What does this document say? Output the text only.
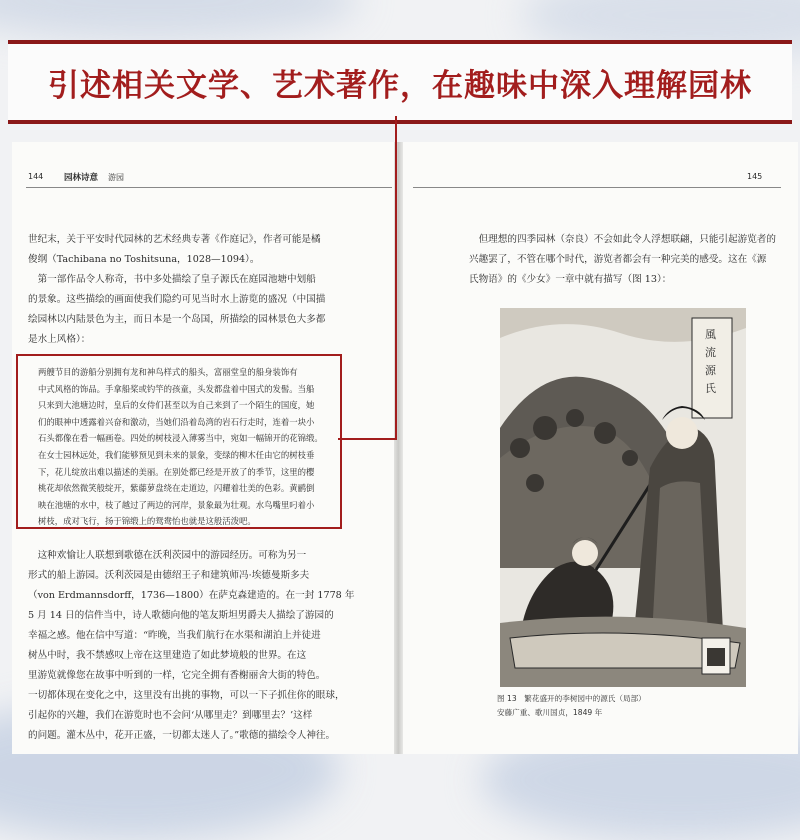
引述相关文学、艺术著作，在趣味中深入理解园林
144 园林诗意 游园
世纪末，关于平安时代园林的艺术经典专著《作庭记》，作者可能是橘
俊纲（Tachibana no Toshitsuna，1028—1094）。
　第一部作品令人称奇，书中多处描绘了皇子源氏在庭园池塘中划船
的景象。这些描绘的画面使我们隐约可见当时水上游览的盛况（中国描
绘园林以内陆景色为主，而日本是一个岛国，所描绘的园林景色大多都
是水上风格）：
两艘节目的游船分别拥有龙和神鸟样式的船头，富丽堂皇的船身装饰有
中式风格的饰品。手拿船桨或钓竿的孩童，头发都盘着中国式的发髻。当船
只来到大池塘边时，皇后的女侍们甚至以为自己来到了一个陌生的国度，她
们的眼神中透露着兴奋和激动，当她们沿着岛湾的岩石行走时，连着一块小
石头都像在看一幅画卷。四处的树枝浸入薄雾当中，宛如一幅锦开的花锦缎。
在女士园林远处，我们能够预见到未来的景象，变绿的柳木任由它的树枝垂
下，花儿绽放出难以描述的美丽。在别处都已经是开放了的季节，这里的樱
桃花却依然微笑般绽开，紫藤萝盘绕在走道边，闪耀着壮美的色彩。黄鹂倒
映在池塘的水中，枝了越过了两边的河岸，景象最为壮观。水鸟嘴里叼着小
树枝，成对飞行，扬于锦缎上的鸳鸯怡也就是这般活泼吧。
　这种欢愉让人联想到歌德在沃利茨园中的游园经历。可称为另一
形式的船上游园。沃利茨园是由德绍王子和建筑师冯·埃德曼斯多夫
（von Erdmannsdorff，1736—1800）在萨克森建造的。在一封 1778 年
5 月 14 日的信件当中，诗人歌德向他的笔友斯坦男爵夫人描绘了游园的
幸福之感。他在信中写道：“昨晚，当我们航行在水渠和湖泊上并徒进
树丛中时，我不禁感叹上帝在这里建造了如此梦境般的世界。在这
里游览就像您在故事中听到的一样，它完全拥有香榭丽舍大街的特色。
一切都体现在变化之中，这里没有出挑的事物，可以一下子抓住你的眼球，
引起你的兴趣，我们在游览时也不会问‘从哪里走？到哪里去？’这样
的问题。灌木丛中，花开正盛，一切都太迷人了。”歌德的描绘令人神往。
145
　但理想的四季园林（奈良）不会如此令人浮想联翩，只能引起游览者的
兴趣罢了，不管在哪个时代，游览者都会有一种完美的感受。这在《源
氏物语》的《少女》一章中就有描写（图 13）：
風
流
源
氏
图 13　繁花盛开的李树园中的源氏（局部）
安藤广重、歌川国贞，1849 年
